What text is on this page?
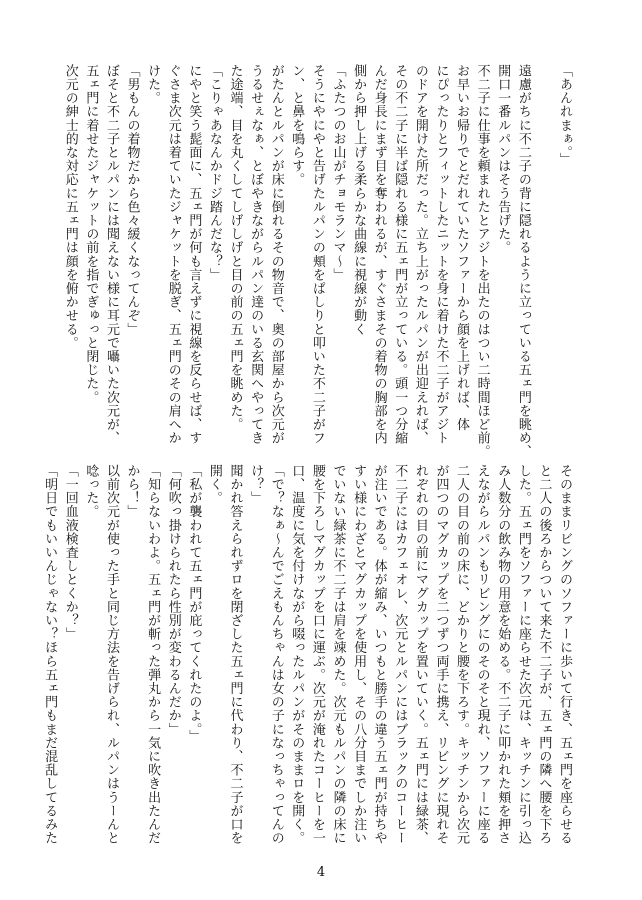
「あんれまぁ。」

遠慮がちに不二子の背に隠れるように立っている五ェ門を眺め、
開口一番ルパンはそう告げた。
不二子に仕事を頼まれたとアジトを出たのはつい二時間ほど前。
お早いお帰りでとだれていたソファーから顔を上げれば、体
にぴったりとフィットしたニットを身に着けた不二子がアジト
のドアを開けた所だった。立ち上がったルパンが出迎えれば、
その不二子に半ば隠れる様に五ェ門が立っている。頭一つ分縮
んだ身長にまず目を奪われるが、すぐさまその着物の胸部を内
側から押し上げる柔らかな曲線に視線が動く
「ふたつのお山がチョモランマ～」
そうにやにやと告げたルパンの頬をぱしりと叩いた不二子がフ
ン、と鼻を鳴らす。
がたんとルパンが床に倒れるその物音で、奥の部屋から次元が
うるせぇなぁ、とぼやきながらルパン達のいる玄関へやってき
た途端、目を丸くしてしげしげと目の前の五ェ門を眺めた。
「こりゃあなんかドジ踏んだな？」
にやと笑う髭面に、五ェ門が何も言えずに視線を反らせば、す
ぐさま次元は着ていたジャケットを脱ぎ、五ェ門のその肩へか
けた。
「男もんの着物だから色々緩くなってんぞ」
ぼそと不二子とルパンには聞えない様に耳元で囁いた次元が、
五ェ門に着せたジャケットの前を指でぎゅっと閉じた。
次元の紳士的な対応に五ェ門は顔を俯かせる。
そのままリビングのソファーに歩いて行き、五ェ門を座らせる
と二人の後ろからついて来た不二子が、五ェ門の隣へ腰を下ろ
した。五ェ門をソファーに座らせた次元は、キッチンに引っ込
み人数分の飲み物の用意を始める。不二子に叩かれた頬を押さ
えながらルパンもリビングにのそのそと現れ、ソファーに座る
二人の目の前の床に、どかりと腰を下ろす。キッチンから次元
が四つのマグカップを二つずつ両手に携え、リビングに現れそ
れぞれの目の前にマグカップを置いていく。五ェ門には緑茶、
不二子にはカフェオレ、次元とルパンにはブラックのコーヒー
が注いである。体が縮み、いつもと勝手の違う五ェ門が持ちや
すい様にわざとマグカップを使用し、その八分目までしか注い
でいない緑茶に不二子は肩を竦めた。次元もルパンの隣の床に
腰を下ろしマグカップを口に運ぶ。次元が淹れたコーヒーを一
口、温度に気を付けながら啜ったルパンがそのままロを開く。
「で？なぁ～んでごえもんちゃんは女の子になっちゃってんの
け？」
聞かれ答えられずロを閉ざした五ェ門に代わり、不二子が口を
開く。
「私が襲われて五ェ門が庇ってくれたのよ。」
「何吹っ掛けられたら性別が変わるんだか」
「知らないわよ。五ェ門が斬った弾丸から一気に吹き出たんだ
から！」
以前次元が使った手と同じ方法を告げられ、ルパンはうーんと
唸った。
「一回血液検査しとくか？」
「明日でもいいんじゃない？ほら五ェ門もまだ混乱してるみた
4
